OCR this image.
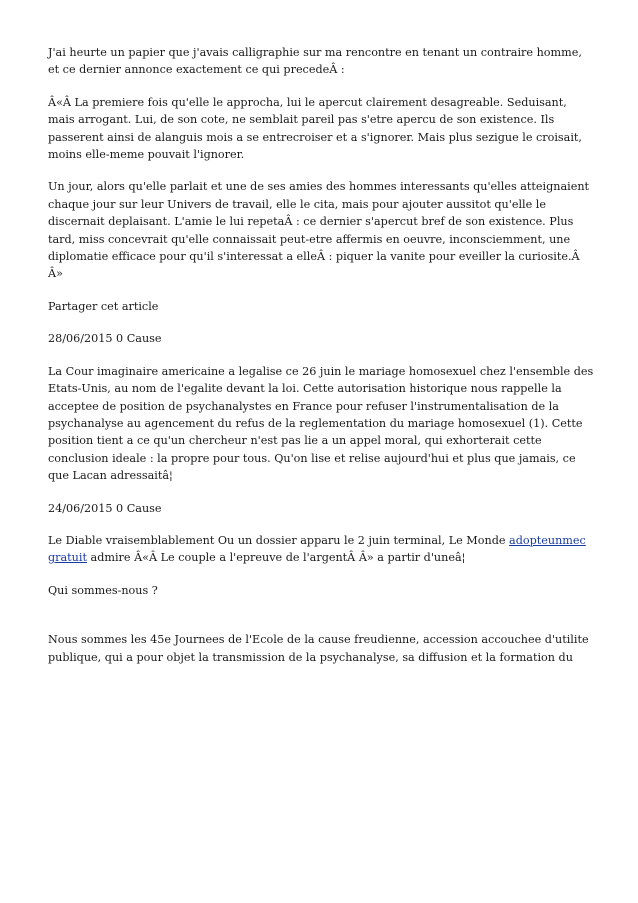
J'ai heurte un papier que j'avais calligraphie sur ma rencontre en tenant un contraire homme, et ce dernier annonce exactement ce qui precedeÂ :

Â«Â La premiere fois qu'elle le approcha, lui le apercut clairement desagreable. Seduisant, mais arrogant. Lui, de son cote, ne semblait pareil pas s'etre apercu de son existence. Ils passerent ainsi de alanguis mois a se entrecroiser et a s'ignorer. Mais plus sezigue le croisait, moins elle-meme pouvait l'ignorer.

Un jour, alors qu'elle parlait et une de ses amies des hommes interessants qu'elles atteignaient chaque jour sur leur Univers de travail, elle le cita, mais pour ajouter aussitot qu'elle le discernait deplaisant. L'amie le lui repetaÂ : ce dernier s'apercut bref de son existence. Plus tard, miss concevrait qu'elle connaissait peut-etre affermis en oeuvre, inconsciemment, une diplomatie efficace pour qu'il s'interessat a elleÂ : piquer la vanite pour eveiller la curiosite.Â Â»

Partager cet article

28/06/2015 0 Cause

La Cour imaginaire americaine a legalise ce 26 juin le mariage homosexuel chez l'ensemble des Etats-Unis, au nom de l'egalite devant la loi. Cette autorisation historique nous rappelle la acceptee de position de psychanalystes en France pour refuser l'instrumentalisation de la psychanalyse au agencement du refus de la reglementation du mariage homosexuel (1). Cette position tient a ce qu'un chercheur n'est pas lie a un appel moral, qui exhorterait cette conclusion ideale : la propre pour tous. Qu'on lise et relise aujourd'hui et plus que jamais, ce que Lacan adressaitâ¦

24/06/2015 0 Cause

Le Diable vraisemblablement Ou un dossier apparu le 2 juin terminal, Le Monde adopteunmec gratuit admire Â«Â Le couple a l'epreuve de l'argentÂ Â» a partir d'uneâ¦

Qui sommes-nous ?

Nous sommes les 45e Journees de l'Ecole de la cause freudienne, accession accouchee d'utilite publique, qui a pour objet la transmission de la psychanalyse, sa diffusion et la formation du
